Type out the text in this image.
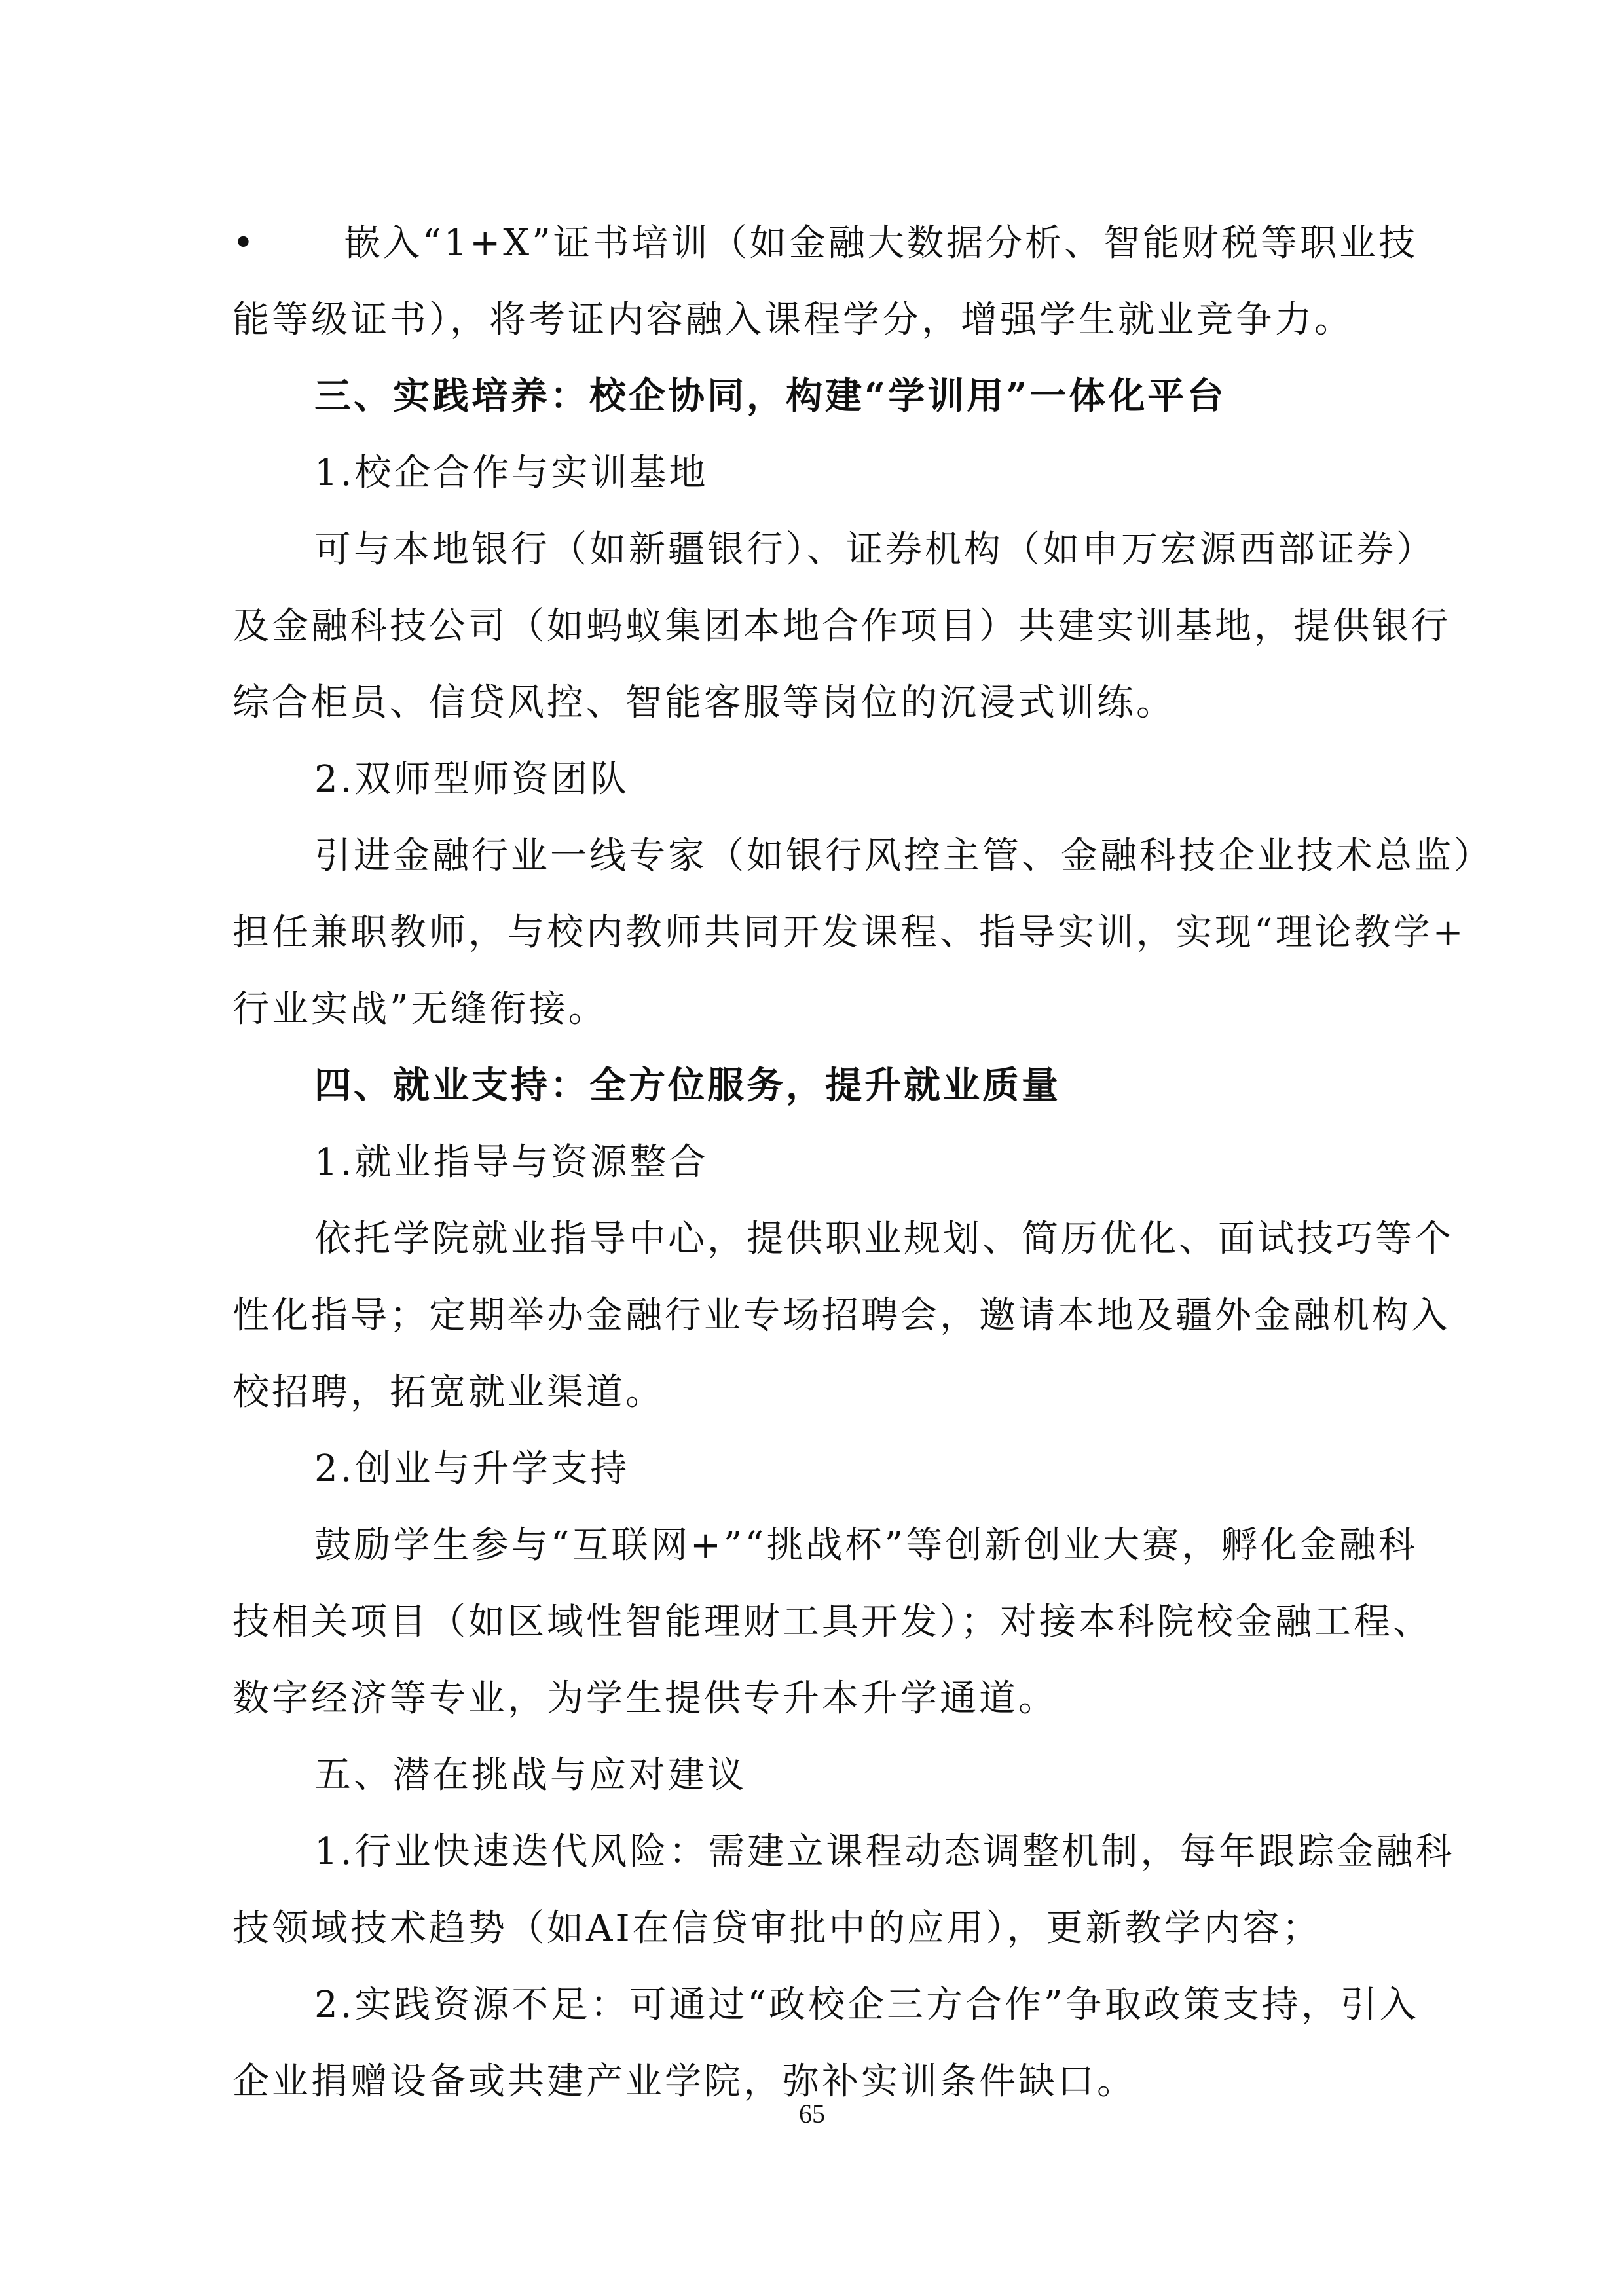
• 嵌入“1+X”证书培训（如金融大数据分析、智能财税等职业技
能等级证书），将考证内容融入课程学分，增强学生就业竞争力。
三、实践培养：校企协同，构建“学训用”一体化平台
1.校企合作与实训基地
可与本地银行（如新疆银行）、证券机构（如申万宏源西部证券）
及金融科技公司（如蚂蚁集团本地合作项目）共建实训基地，提供银行
综合柜员、信贷风控、智能客服等岗位的沉浸式训练。
2.双师型师资团队
引进金融行业一线专家（如银行风控主管、金融科技企业技术总监）
担任兼职教师，与校内教师共同开发课程、指导实训，实现“理论教学+
行业实战”无缝衔接。
四、就业支持：全方位服务，提升就业质量
1.就业指导与资源整合
依托学院就业指导中心，提供职业规划、简历优化、面试技巧等个
性化指导；定期举办金融行业专场招聘会，邀请本地及疆外金融机构入
校招聘，拓宽就业渠道。
2.创业与升学支持
鼓励学生参与“互联网+”“挑战杯”等创新创业大赛，孵化金融科
技相关项目（如区域性智能理财工具开发）；对接本科院校金融工程、
数字经济等专业，为学生提供专升本升学通道。
五、潜在挑战与应对建议
1.行业快速迭代风险：需建立课程动态调整机制，每年跟踪金融科
技领域技术趋势（如AI在信贷审批中的应用），更新教学内容；
2.实践资源不足：可通过“政校企三方合作”争取政策支持，引入
企业捐赠设备或共建产业学院，弥补实训条件缺口。
65
